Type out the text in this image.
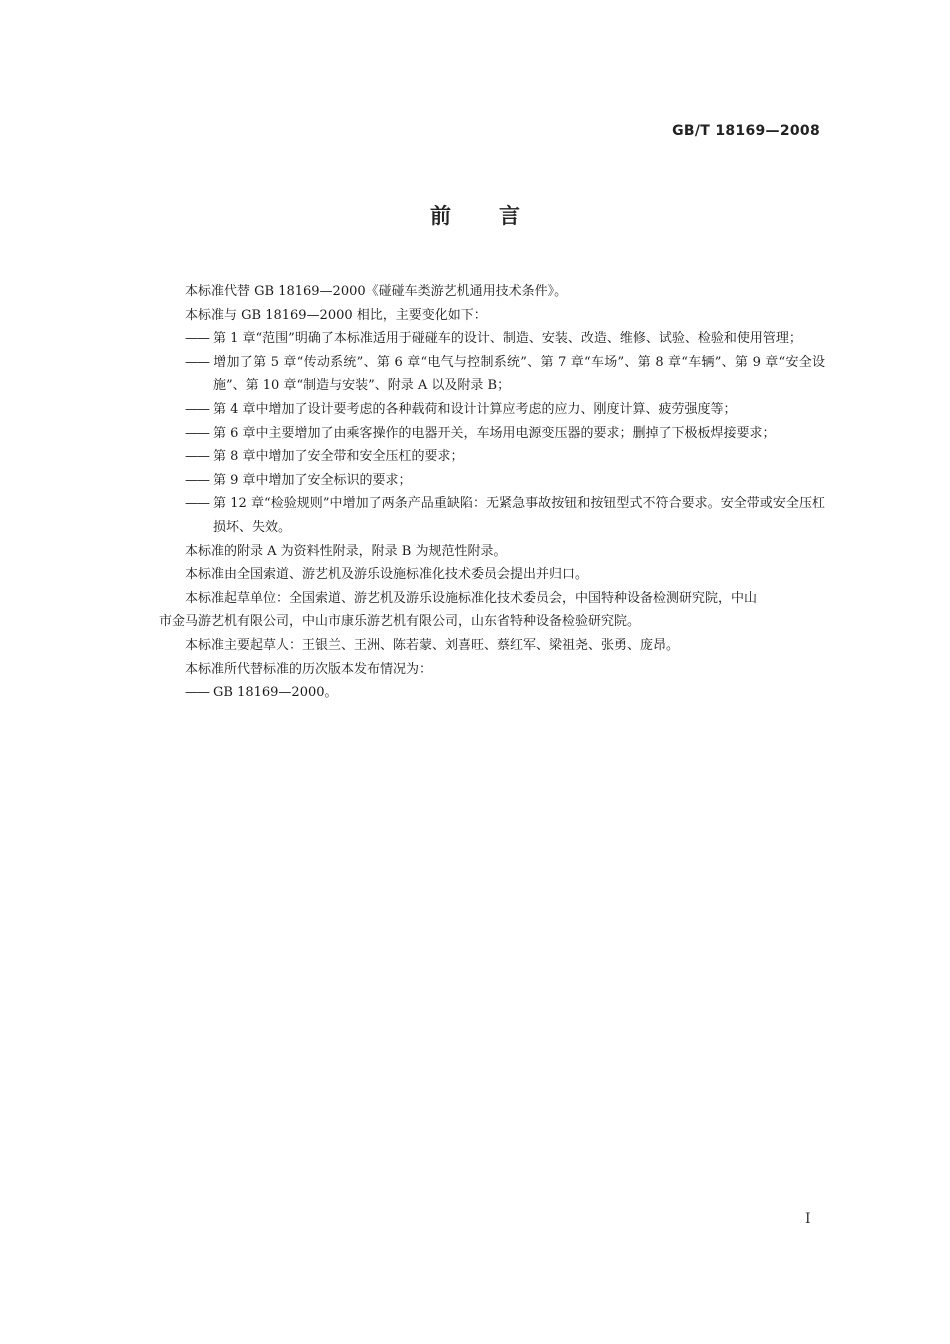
GB/T 18169—2008
前言

本标准代替 GB 18169—2000《碰碰车类游艺机通用技术条件》。

本标准与 GB 18169—2000 相比，主要变化如下：

—— 第 1 章“范围”明确了本标准适用于碰碰车的设计、制造、安装、改造、维修、试验、检验和使用管理；

—— 增加了第 5 章“传动系统”、第 6 章“电气与控制系统”、第 7 章“车场”、第 8 章“车辆”、第 9 章“安全设施”、第 10 章“制造与安装”、附录 A 以及附录 B；

—— 第 4 章中增加了设计要考虑的各种载荷和设计计算应考虑的应力、刚度计算、疲劳强度等；

—— 第 6 章中主要增加了由乘客操作的电器开关，车场用电源变压器的要求；删掉了下极板焊接要求；

—— 第 8 章中增加了安全带和安全压杠的要求；

—— 第 9 章中增加了安全标识的要求；

—— 第 12 章“检验规则”中增加了两条产品重缺陷：无紧急事故按钮和按钮型式不符合要求。安全带或安全压杠损坏、失效。

本标准的附录 A 为资料性附录，附录 B 为规范性附录。

本标准由全国索道、游艺机及游乐设施标准化技术委员会提出并归口。

本标准起草单位：全国索道、游艺机及游乐设施标准化技术委员会，中国特种设备检测研究院，中山

市金马游艺机有限公司，中山市康乐游艺机有限公司，山东省特种设备检验研究院。

本标准主要起草人：王银兰、王洲、陈若蒙、刘喜旺、蔡红军、梁祖尧、张勇、庞昂。

本标准所代替标准的历次版本发布情况为：

—— GB 18169—2000。

I
